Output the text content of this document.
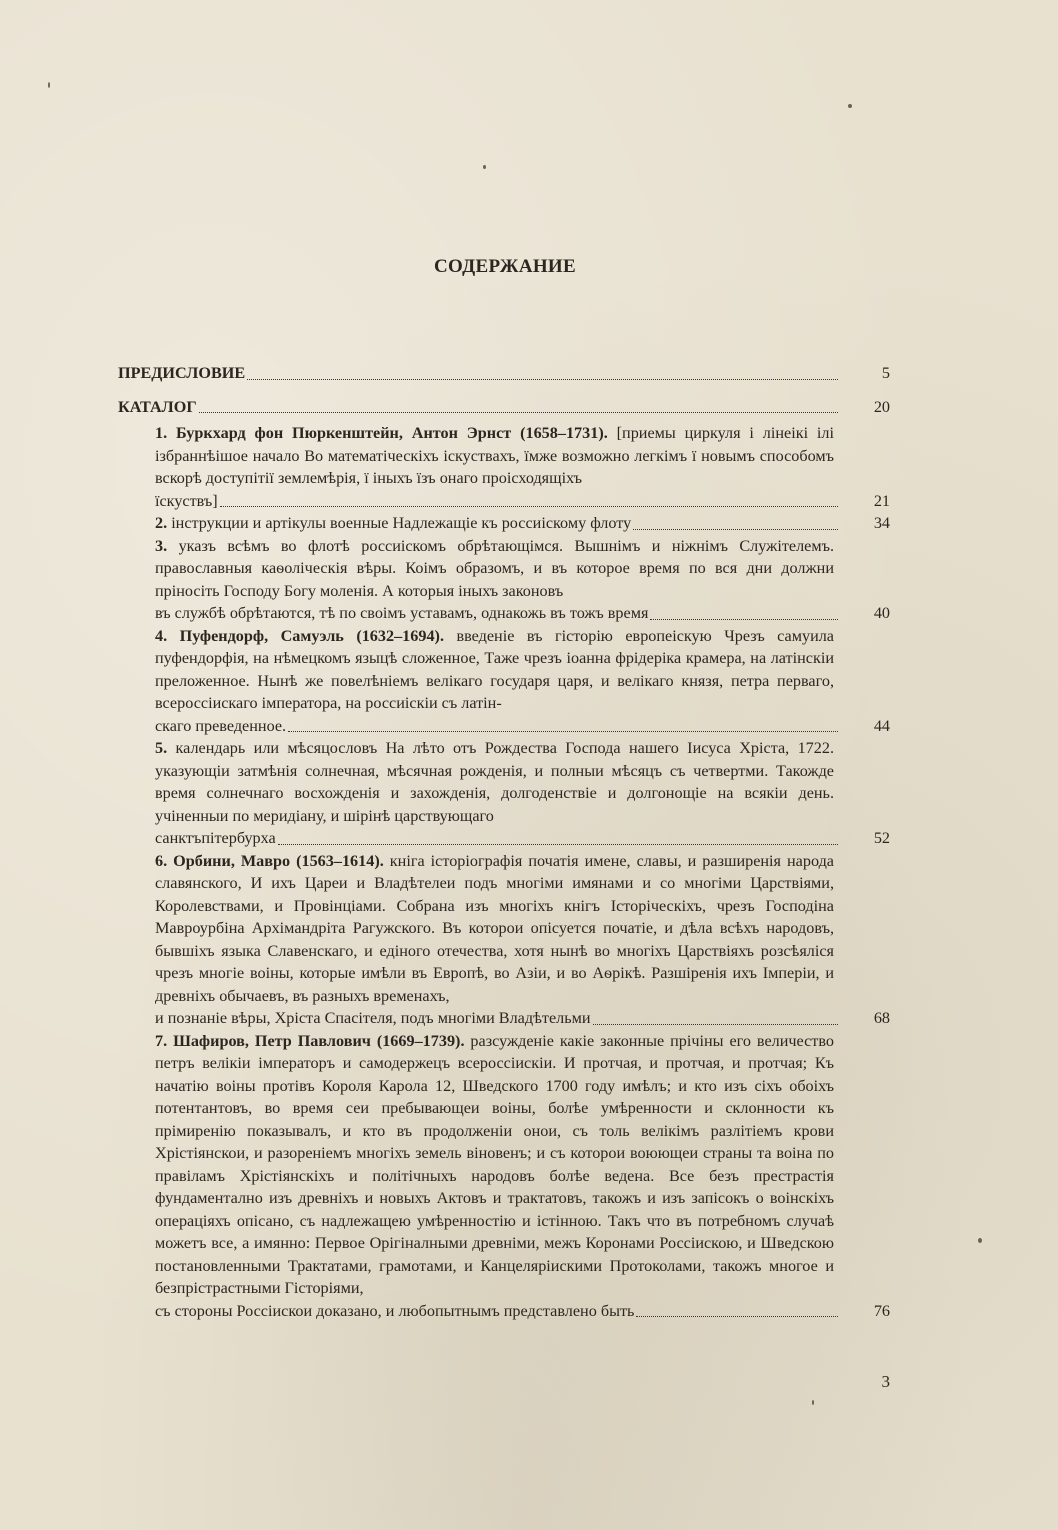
СОДЕРЖАНИЕ
ПРЕДИСЛОВИЕ	5
КАТАЛОГ	20
1. Буркхард фон Пюркенштейн, Антон Эрнст (1658–1731). [приемы циркуля і лінеікі ілі ізбраннѣішое начало Во математіческіхъ іскуствахъ, їмже возможно легкімъ ї новымъ способомъ вскорѣ доступітії землемѣрія, ї іныхъ їзъ онаго проісходящіхъ
їскуствъ]	21
2. інструкции и артікулы военные Надлежащіе къ россиіскому флоту	34
3. указъ всѣмъ во флотѣ россиіскомъ обрѣтающімся. Вышнімъ и ніжнімъ Служітелемъ. православныя каѳоліческія вѣры. Коімъ образомъ, и въ которое время по вся дни должни пріносіть Господу Богу моленія. А которыя іныхъ законовъ
въ службѣ обрѣтаются, тѣ по своімъ уставамъ, однакожь въ тожъ время	40
4. Пуфендорф, Самуэль (1632–1694). введеніе въ гісторію европеіскую Чрезъ самуила пуфендорфія, на нѣмецкомъ языцѣ сложенное, Таже чрезъ іоанна фрідеріка крамера, на латінскіи преложенное. Нынѣ же повелѣніемъ велікаго государя царя, и велікаго князя, петра перваго, всероссіискаго імператора, на россиіскіи съ латін-
скаго преведенное.	44
5. календарь или мѣсяцословъ На лѣто отъ Рождества Господа нашего Іисуса Хріста, 1722. указующіи затмѣнія солнечная, мѣсячная рожденія, и полныи мѣсяцъ съ четвертми. Такожде время солнечнаго восхожденія и захожденія, долгоденствіе и долгонощіе на всякіи день. учіненныи по меридіану, и шірінѣ царствующаго
санктъпітербурха	52
6. Орбини, Мавро (1563–1614). кніга історіографія початія имене, славы, и разширенія народа славянского, И ихъ Цареи и Владѣтелеи подъ многіми имянами и со многіми Царствіями, Королевствами, и Провінціами. Собрана изъ многіхъ кнігъ Історіческіхъ, чрезъ Господіна Мавроурбіна Архімандріта Рагужского. Въ которои опісуется початіе, и дѣла всѣхъ народовъ, бывшіхъ языка Славенскаго, и едіного отечества, хотя нынѣ во многіхъ Царствіяхъ розсѣяліся чрезъ многіе воіны, которые имѣли въ Европѣ, во Азіи, и во Аѳрікѣ. Разшіренія ихъ Імперіи, и древніхъ обычаевъ, въ разныхъ временахъ,
и познаніе вѣры, Хріста Спасітеля, подъ многіми Владѣтельми	68
7. Шафиров, Петр Павлович (1669–1739). разсужденіе какіе законные прічіны его величество петръ велікіи імператоръ и самодержецъ всероссіискіи. И протчая, и протчая, и протчая; Къ начатію воіны протівъ Короля Карола 12, Шведского 1700 году имѣлъ; и кто изъ сіхъ обоіхъ потентантовъ, во время сеи пребывающеи воіны, болѣе умѣренности и склонности къ прімиренію показывалъ, и кто въ продолженіи онои, съ толь велікімъ разлітіемъ крови Хрістіянскои, и разореніемъ многіхъ земель віновенъ; и съ которои воюющеи страны та воіна по правіламъ Хрістіянскіхъ и політічныхъ народовъ болѣе ведена. Все безъ престрастія фундаментално изъ древніхъ и новыхъ Актовъ и трактатовъ, такожъ и изъ запісокъ о воінскіхъ операціяхъ опісано, съ надлежащею умѣренностію и істінною. Такъ что въ потребномъ случаѣ можетъ все, а имянно: Первое Орігіналными древніми, межъ Коронами Россіискою, и Шведскою постановленными Трактатами, грамотами, и Канцеляріискими Протоколами, такожъ многое и безпрістрастными Гісторіями,
съ стороны Россіискои доказано, и любопытнымъ представлено быть	76
3
